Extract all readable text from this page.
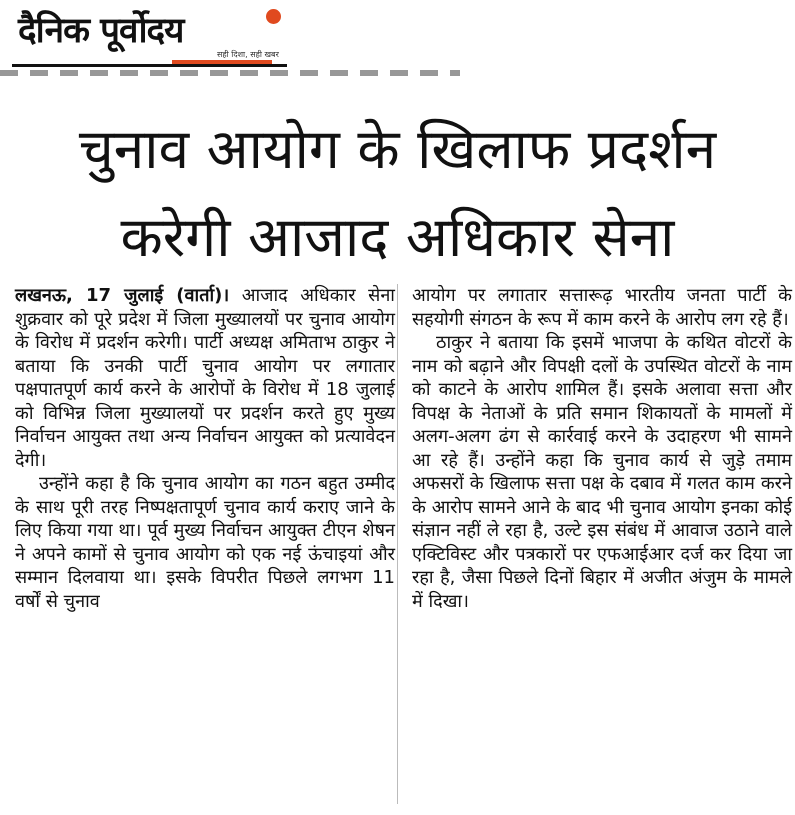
दैनिक पूर्वोदय
सही दिशा, सही खबर
चुनाव आयोग के खिलाफ प्रदर्शन
करेगी आजाद अधिकार सेना

लखनऊ, 17 जुलाई (वार्ता)। आजाद अधिकार सेना शुक्रवार को पूरे प्रदेश में जिला मुख्यालयों पर चुनाव आयोग के विरोध में प्रदर्शन करेगी। पार्टी अध्यक्ष अमिताभ ठाकुर ने बताया कि उनकी पार्टी चुनाव आयोग पर लगातार पक्षपातपूर्ण कार्य करने के आरोपों के विरोध में 18 जुलाई को विभिन्न जिला मुख्यालयों पर प्रदर्शन करते हुए मुख्य निर्वाचन आयुक्त तथा अन्य निर्वाचन आयुक्त को प्रत्यावेदन देगी।

उन्होंने कहा है कि चुनाव आयोग का गठन बहुत उम्मीद के साथ पूरी तरह निष्पक्षतापूर्ण चुनाव कार्य कराए जाने के लिए किया गया था। पूर्व मुख्य निर्वाचन आयुक्त टीएन शेषन ने अपने कामों से चुनाव आयोग को एक नई ऊंचाइयां और सम्मान दिलवाया था। इसके विपरीत पिछले लगभग 11 वर्षों से चुनाव

आयोग पर लगातार सत्तारूढ़ भारतीय जनता पार्टी के सहयोगी संगठन के रूप में काम करने के आरोप लग रहे हैं।

ठाकुर ने बताया कि इसमें भाजपा के कथित वोटरों के नाम को बढ़ाने और विपक्षी दलों के उपस्थित वोटरों के नाम को काटने के आरोप शामिल हैं। इसके अलावा सत्ता और विपक्ष के नेताओं के प्रति समान शिकायतों के मामलों में अलग-अलग ढंग से कार्रवाई करने के उदाहरण भी सामने आ रहे हैं। उन्होंने कहा कि चुनाव कार्य से जुड़े तमाम अफसरों के खिलाफ सत्ता पक्ष के दबाव में गलत काम करने के आरोप सामने आने के बाद भी चुनाव आयोग इनका कोई संज्ञान नहीं ले रहा है, उल्टे इस संबंध में आवाज उठाने वाले एक्टिविस्ट और पत्रकारों पर एफआईआर दर्ज कर दिया जा रहा है, जैसा पिछले दिनों बिहार में अजीत अंजुम के मामले में दिखा।
